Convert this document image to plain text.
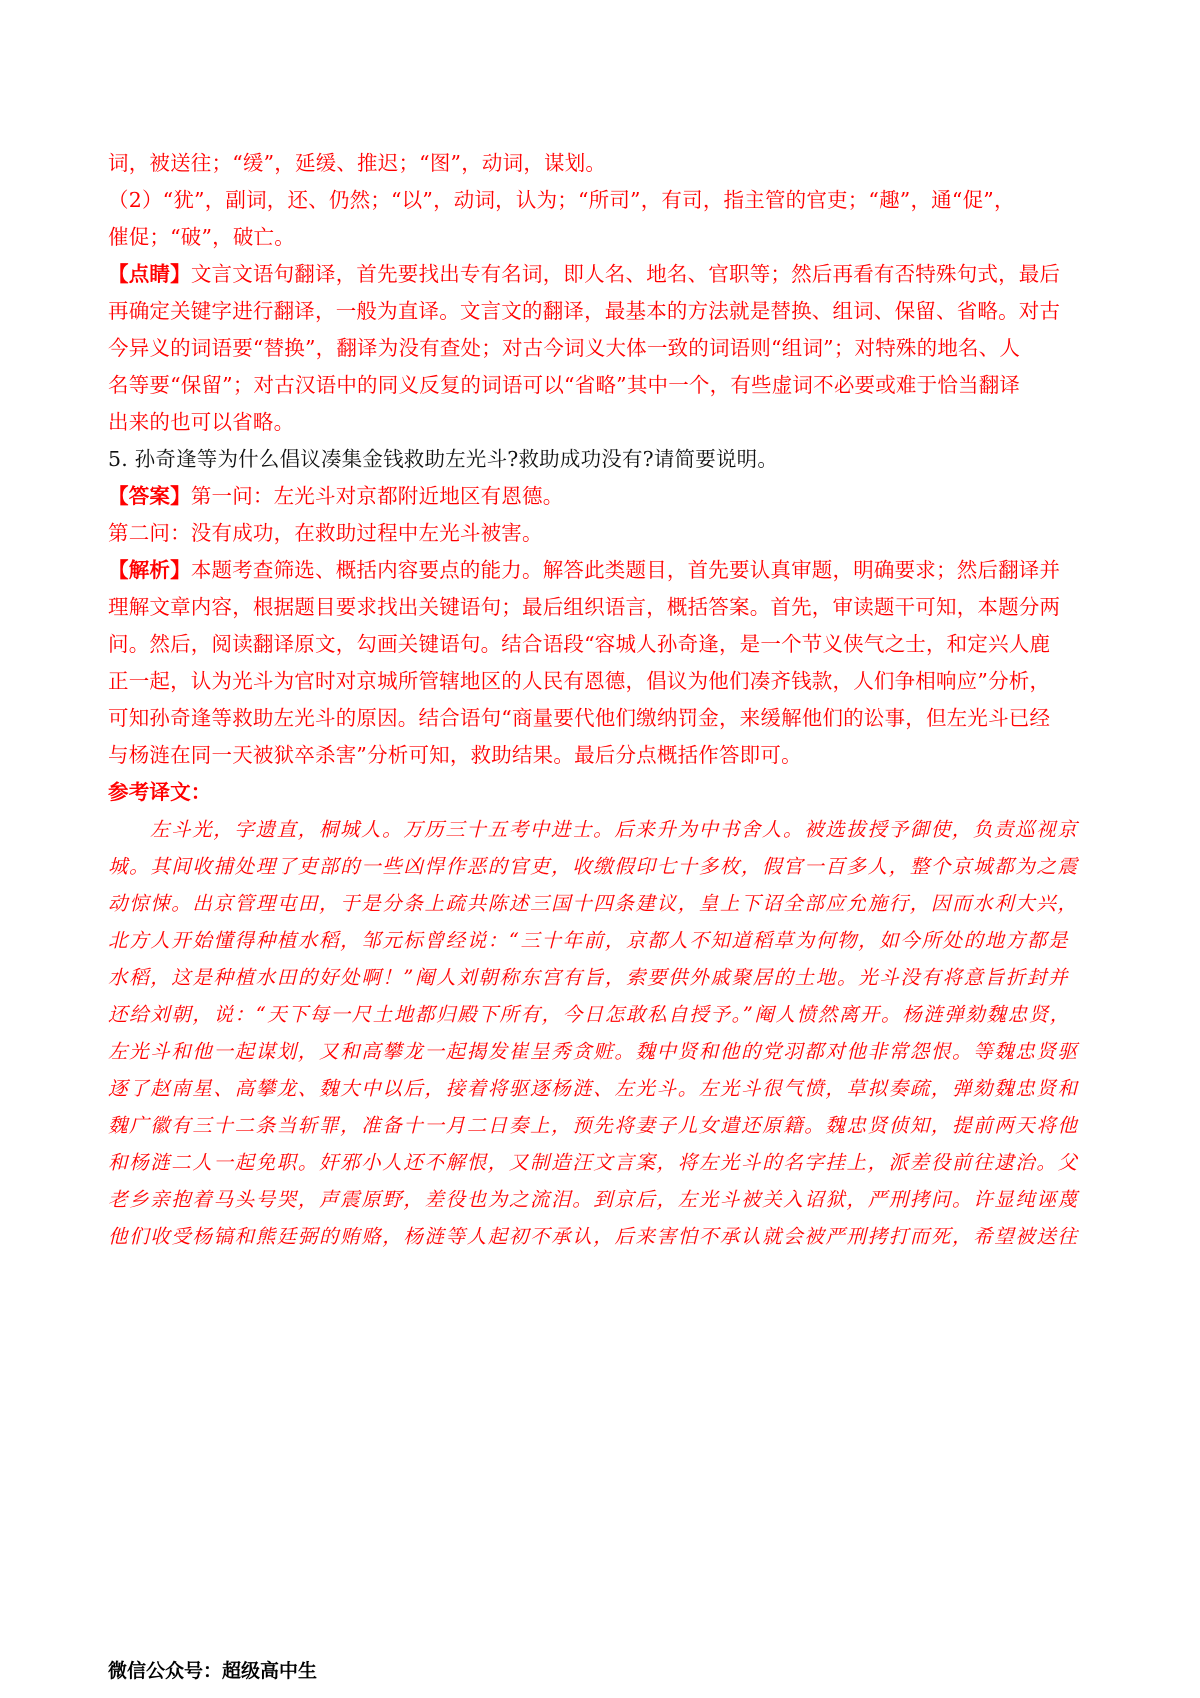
词，被送往；“缓”，延缓、推迟；“图”，动词，谋划。

（2）“犹”，副词，还、仍然；“以”，动词，认为；“所司”，有司，指主管的官吏；“趣”，通“促”，

催促；“破”，破亡。

【点睛】文言文语句翻译，首先要找出专有名词，即人名、地名、官职等；然后再看有否特殊句式，最后

再确定关键字进行翻译，一般为直译。文言文的翻译，最基本的方法就是替换、组词、保留、省略。对古

今异义的词语要“替换”，翻译为没有查处；对古今词义大体一致的词语则“组词”；对特殊的地名、人

名等要“保留”；对古汉语中的同义反复的词语可以“省略”其中一个，有些虚词不必要或难于恰当翻译

出来的也可以省略。

5. 孙奇逢等为什么倡议凑集金钱救助左光斗?救助成功没有?请简要说明。

【答案】第一问：左光斗对京都附近地区有恩德。

第二问：没有成功，在救助过程中左光斗被害。

【解析】本题考查筛选、概括内容要点的能力。解答此类题目，首先要认真审题，明确要求；然后翻译并

理解文章内容，根据题目要求找出关键语句；最后组织语言，概括答案。首先，审读题干可知，本题分两

问。然后，阅读翻译原文，勾画关键语句。结合语段“容城人孙奇逢，是一个节义侠气之士，和定兴人鹿

正一起，认为光斗为官时对京城所管辖地区的人民有恩德，倡议为他们凑齐钱款，人们争相响应”分析，

可知孙奇逢等救助左光斗的原因。结合语句“商量要代他们缴纳罚金，来缓解他们的讼事，但左光斗已经

与杨涟在同一天被狱卒杀害”分析可知，救助结果。最后分点概括作答即可。

参考译文：

左斗光，字遗直，桐城人。万历三十五考中进士。后来升为中书舍人。被选拔授予御使，负责巡视京

城。其间收捕处理了吏部的一些凶悍作恶的官吏，收缴假印七十多枚，假官一百多人，整个京城都为之震

动惊悚。出京管理屯田，于是分条上疏共陈述三国十四条建议，皇上下诏全部应允施行，因而水利大兴，

北方人开始懂得种植水稻，邹元标曾经说：“三十年前，京都人不知道稻草为何物，如今所处的地方都是

水稻，这是种植水田的好处啊！”阉人刘朝称东宫有旨，索要供外戚聚居的土地。光斗没有将意旨折封并

还给刘朝，说：“天下每一尺土地都归殿下所有，今日怎敢私自授予。”阉人愤然离开。杨涟弹劾魏忠贤，

左光斗和他一起谋划，又和高攀龙一起揭发崔呈秀贪赃。魏中贤和他的党羽都对他非常怨恨。等魏忠贤驱

逐了赵南星、高攀龙、魏大中以后，接着将驱逐杨涟、左光斗。左光斗很气愤，草拟奏疏，弹劾魏忠贤和

魏广徽有三十二条当斩罪，准备十一月二日奏上，预先将妻子儿女遣还原籍。魏忠贤侦知，提前两天将他

和杨涟二人一起免职。奸邪小人还不解恨，又制造汪文言案，将左光斗的名字挂上，派差役前往逮治。父

老乡亲抱着马头号哭，声震原野，差役也为之流泪。到京后，左光斗被关入诏狱，严刑拷问。许显纯诬蔑

他们收受杨镐和熊廷弼的贿赂，杨涟等人起初不承认，后来害怕不承认就会被严刑拷打而死，希望被送往

微信公众号：超级高中生
